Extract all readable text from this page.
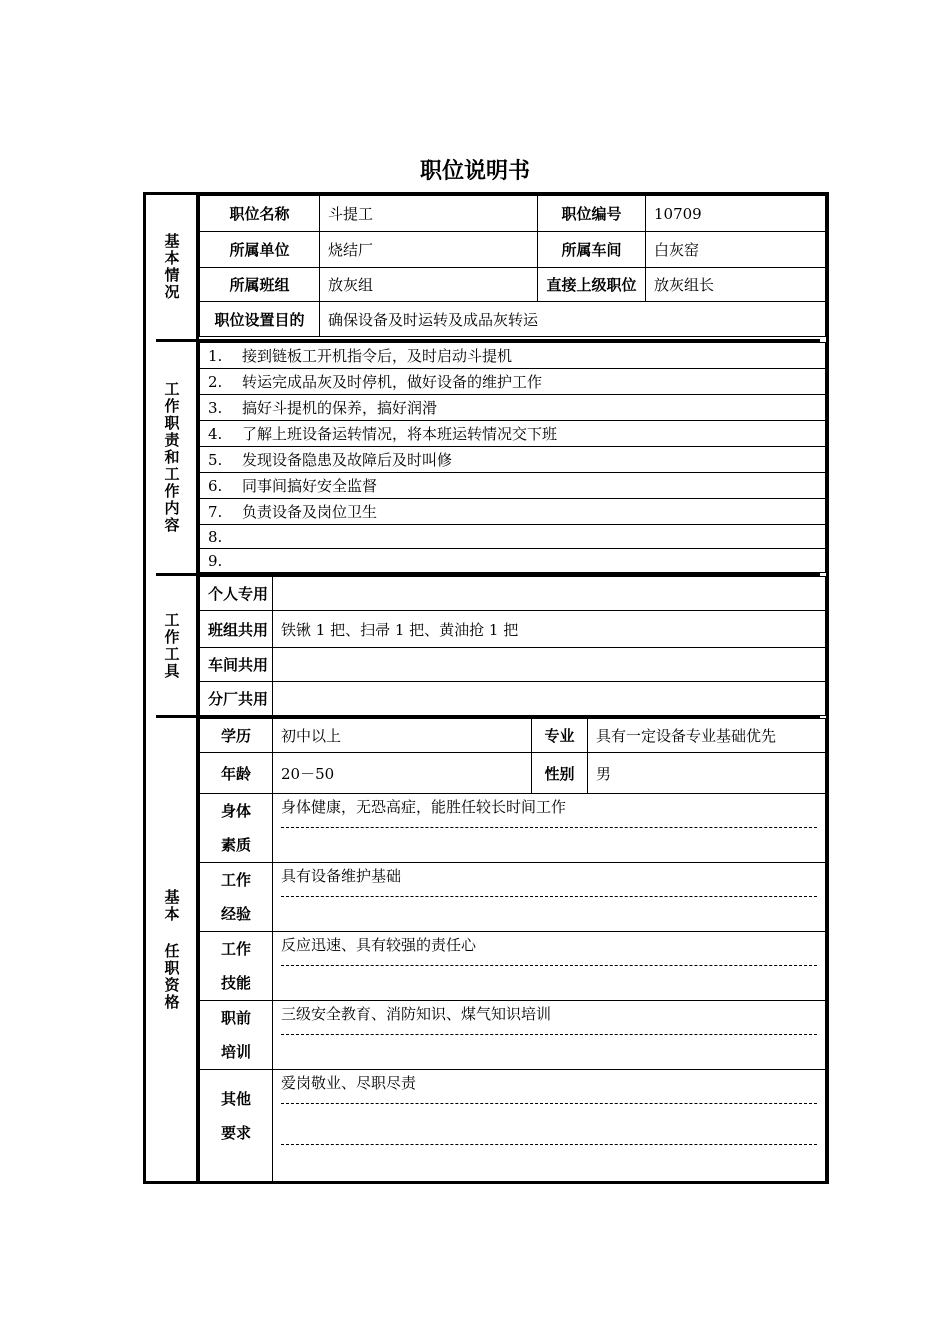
职位说明书
基本情况
职位名称	斗提工	职位编号	10709
所属单位	烧结厂	所属车间	白灰窑
所属班组	放灰组	直接上级职位	放灰组长
职位设置目的	确保设备及时运转及成品灰转运		
工作职责和工作内容
1. 接到链板工开机指令后，及时启动斗提机
2. 转运完成品灰及时停机，做好设备的维护工作
3. 搞好斗提机的保养，搞好润滑
4. 了解上班设备运转情况，将本班运转情况交下班
5. 发现设备隐患及故障后及时叫修
6. 同事间搞好安全监督
7. 负责设备及岗位卫生
8.
9.
工作工具
个人专用	
班组共用	铁锹 1 把、扫帚 1 把、黄油抢 1 把
车间共用	
分厂共用	
基本 任职资格
学历	初中以上	专业	具有一定设备专业基础优先
年龄	20－50	性别	男

身体
素质	身体健康，无恐高症，能胜任较长时间工作		

工作
经验	具有设备维护基础		

工作
技能	反应迅速、具有较强的责任心		

职前
培训	三级安全教育、消防知识、煤气知识培训		

其他
要求	爱岗敬业、尽职尽责		
